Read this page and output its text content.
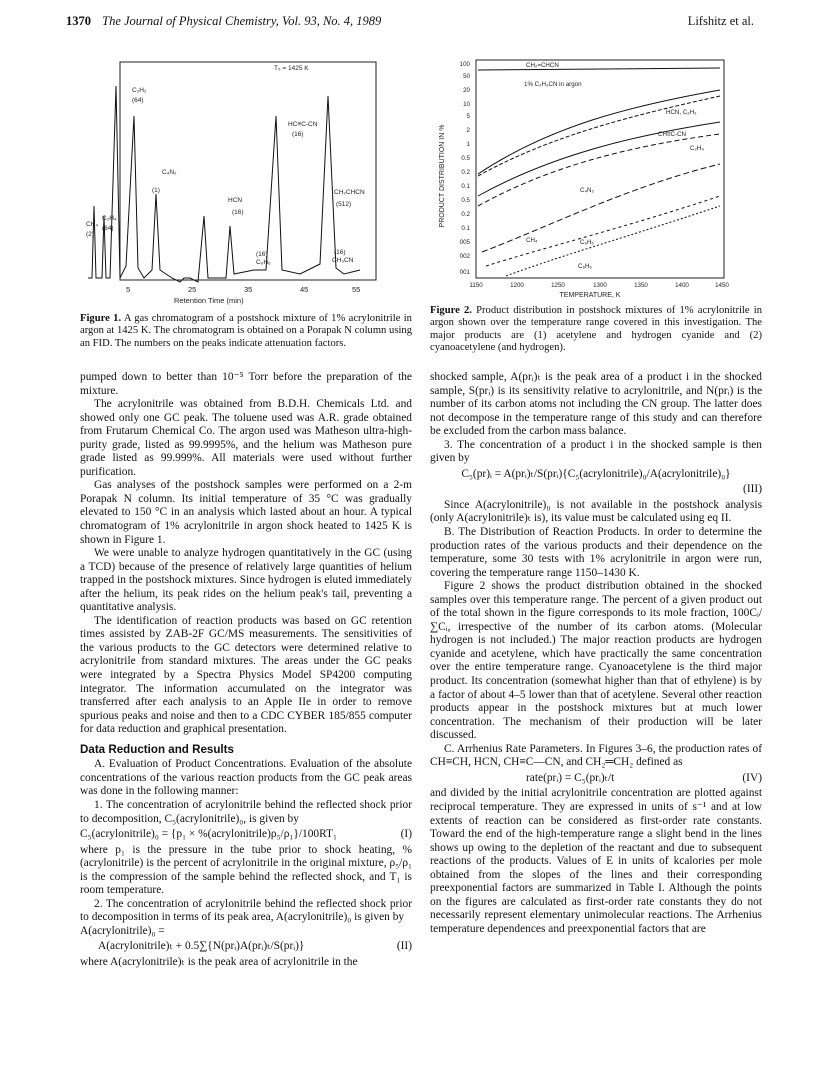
1370 The Journal of Physical Chemistry, Vol. 93, No. 4, 1989	Lifshitz et al.
T₅ = 1425 K
C₂H₂
(64)
C₂H₄
(64)
CH₄
(2)
C₄N₂
(1)
HCN
(16)
C₆H₆
(16)
HC≡C-CN
(16)
CH₂CHCN
(512)
CH₃CN
(16)
5	25	35	45	55
Retention Time (min)
Figure 1. A gas chromatogram of a postshock mixture of 1% acrylonitrile in argon at 1425 K. The chromatogram is obtained on a Porapak N column using an FID. The numbers on the peaks indicate attenuation factors.
100
50
20
10
5
2
1
0.5
0.2
0.1
0.5
0.2
0.1
005
002
001
1150	1200	1250	1300	1350	1400	1450
TEMPERATURE, K
PRODUCT DISTRIBUTION IN %
1% C₂H₃CN in argon
CH₂=CHCN
HCN, C₂H₂
CH≡C-CN
C₂H₄
C₄N₂
CH₄	C₆H₆
C₆H₆
Figure 2. Product distribution in postshock mixtures of 1% acrylonitrile in argon shown over the temperature range covered in this investigation. The major products are (1) acetylene and hydrogen cyanide and (2) cyanoacetylene (and hydrogen).

pumped down to better than 10⁻⁵ Torr before the preparation of the mixture.

The acrylonitrile was obtained from B.D.H. Chemicals Ltd. and showed only one GC peak. The toluene used was A.R. grade obtained from Frutarum Chemical Co. The argon used was Matheson ultra-high-purity grade, listed as 99.9995%, and the helium was Matheson pure grade listed as 99.999%. All materials were used without further purification.

Gas analyses of the postshock samples were performed on a 2-m Porapak N column. Its initial temperature of 35 °C was gradually elevated to 150 °C in an analysis which lasted about an hour. A typical chromatogram of 1% acrylonitrile in argon shock heated to 1425 K is shown in Figure 1.

We were unable to analyze hydrogen quantitatively in the GC (using a TCD) because of the presence of relatively large quantities of helium trapped in the postshock mixtures. Since hydrogen is eluted immediately after the helium, its peak rides on the helium peak's tail, preventing a quantitative analysis.

The identification of reaction products was based on GC retention times assisted by ZAB-2F GC/MS measurements. The sensitivities of the various products to the GC detectors were determined relative to acrylonitrile from standard mixtures. The areas under the GC peaks were integrated by a Spectra Physics Model SP4200 computing integrator. The information accumulated on the integrator was transferred after each analysis to an Apple IIe in order to remove spurious peaks and noise and then to a CDC CYBER 185/855 computer for data reduction and graphical presentation.

Data Reduction and Results

A. Evaluation of Product Concentrations. Evaluation of the absolute concentrations of the various reaction products from the GC peak areas was done in the following manner:

1. The concentration of acrylonitrile behind the reflected shock prior to decomposition, C₅(acrylonitrile)₀, is given by

C₅(acrylonitrile)₀ = {p₁ × %(acrylonitrile)ρ₅/ρ₁}/100RT₁	(I)

where p₁ is the pressure in the tube prior to shock heating, %(acrylonitrile) is the percent of acrylonitrile in the original mixture, ρ₅/ρ₁ is the compression of the sample behind the reflected shock, and T₁ is room temperature.

2. The concentration of acrylonitrile behind the reflected shock prior to decomposition in terms of its peak area, A(acrylonitrile)₀ is given by

A(acrylonitrile)₀ =
A(acrylonitrile)ₜ + 0.5∑{N(prᵢ)A(prᵢ)ₜ/S(prᵢ)}	(II)

where A(acrylonitrile)ₜ is the peak area of acrylonitrile in the

shocked sample, A(prᵢ)ₜ is the peak area of a product i in the shocked sample, S(prᵢ) is its sensitivity relative to acrylonitrile, and N(prᵢ) is the number of its carbon atoms not including the CN group. The latter does not decompose in the temperature range of this study and can therefore be excluded from the carbon mass balance.

3. The concentration of a product i in the shocked sample is then given by

C₅(pr)ᵢ = A(prᵢ)ₜ/S(prᵢ){C₅(acrylonitrile)₀/A(acrylonitrile)₀}
(III)

Since A(acrylonitrile)₀ is not available in the postshock analysis (only A(acrylonitrile)ₜ is), its value must be calculated using eq II.

B. The Distribution of Reaction Products. In order to determine the production rates of the various products and their dependence on the temperature, some 30 tests with 1% acrylonitrile in argon were run, covering the temperature range 1150–1430 K.

Figure 2 shows the product distribution obtained in the shocked samples over this temperature range. The percent of a given product out of the total shown in the figure corresponds to its mole fraction, 100Cᵢ/∑Cᵢ, irrespective of the number of its carbon atoms. (Molecular hydrogen is not included.) The major reaction products are hydrogen cyanide and acetylene, which have practically the same concentration over the entire temperature range. Cyanoacetylene is the third major product. Its concentration (somewhat higher than that of ethylene) is by a factor of about 4–5 lower than that of acetylene. Several other reaction products appear in the postshock mixtures but at much lower concentration. The mechanism of their production will be later discussed.

C. Arrhenius Rate Parameters. In Figures 3–6, the production rates of CH≡CH, HCN, CH≡C—CN, and CH₂═CH₂ defined as

rate(prᵢ) = C₅(prᵢ)ₜ/t	(IV)

and divided by the initial acrylonitrile concentration are plotted against reciprocal temperature. They are expressed in units of s⁻¹ and at low extents of reaction can be considered as first-order rate constants. Toward the end of the high-temperature range a slight bend in the lines shows up owing to the depletion of the reactant and due to subsequent reactions of the products. Values of E in units of kcalories per mole obtained from the slopes of the lines and their corresponding preexponential factors are summarized in Table I. Although the points on the figures are calculated as first-order rate constants they do not necessarily represent elementary unimolecular reactions. The Arrhenius temperature dependences and preexponential factors that are
